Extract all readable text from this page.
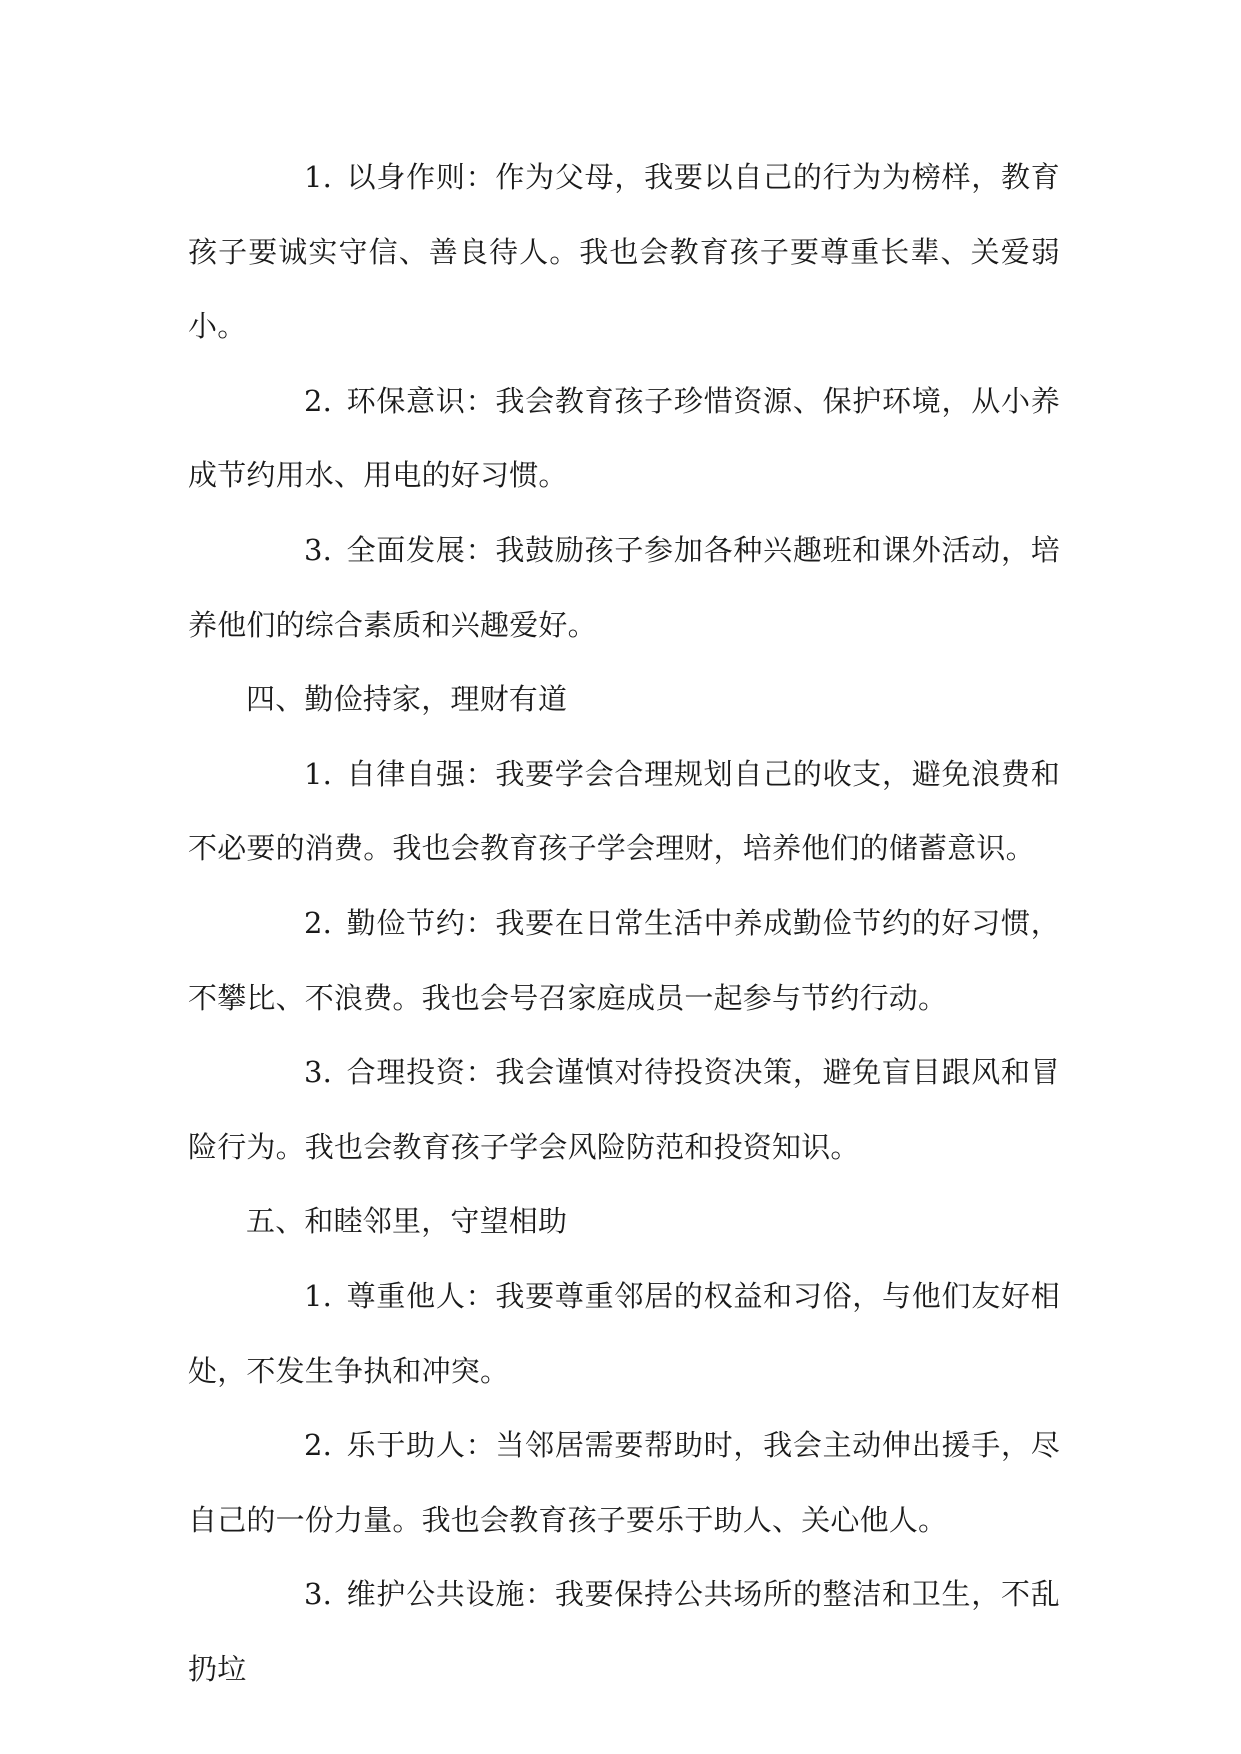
1. 以身作则：作为父母，我要以自己的行为为榜样，教育孩子要诚实守信、善良待人。我也会教育孩子要尊重长辈、关爱弱小。

2. 环保意识：我会教育孩子珍惜资源、保护环境，从小养成节约用水、用电的好习惯。

3. 全面发展：我鼓励孩子参加各种兴趣班和课外活动，培养他们的综合素质和兴趣爱好。

四、勤俭持家，理财有道

1. 自律自强：我要学会合理规划自己的收支，避免浪费和不必要的消费。我也会教育孩子学会理财，培养他们的储蓄意识。

2. 勤俭节约：我要在日常生活中养成勤俭节约的好习惯，不攀比、不浪费。我也会号召家庭成员一起参与节约行动。

3. 合理投资：我会谨慎对待投资决策，避免盲目跟风和冒险行为。我也会教育孩子学会风险防范和投资知识。

五、和睦邻里，守望相助

1. 尊重他人：我要尊重邻居的权益和习俗，与他们友好相处，不发生争执和冲突。

2. 乐于助人：当邻居需要帮助时，我会主动伸出援手，尽自己的一份力量。我也会教育孩子要乐于助人、关心他人。

3. 维护公共设施：我要保持公共场所的整洁和卫生，不乱扔垃
